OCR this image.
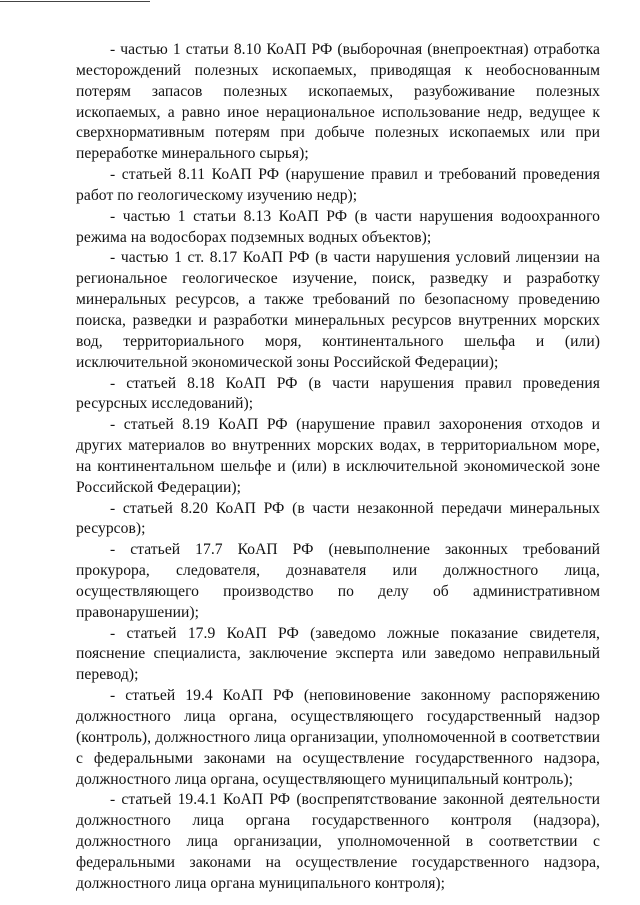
- частью 1 статьи 8.10 КоАП РФ (выборочная (внепроектная) отработка месторождений полезных ископаемых, приводящая к необоснованным потерям запасов полезных ископаемых, разубоживание полезных ископаемых, а равно иное нерациональное использование недр, ведущее к сверхнормативным потерям при добыче полезных ископаемых или при переработке минерального сырья);

- статьей 8.11 КоАП РФ (нарушение правил и требований проведения работ по геологическому изучению недр);

- частью 1 статьи 8.13 КоАП РФ (в части нарушения водоохранного режима на водосборах подземных водных объектов);

- частью 1 ст. 8.17 КоАП РФ (в части нарушения условий лицензии на региональное геологическое изучение, поиск, разведку и разработку минеральных ресурсов, а также требований по безопасному проведению поиска, разведки и разработки минеральных ресурсов внутренних морских вод, территориального моря, континентального шельфа и (или) исключительной экономической зоны Российской Федерации);

- статьей 8.18 КоАП РФ (в части нарушения правил проведения ресурсных исследований);

- статьей 8.19 КоАП РФ (нарушение правил захоронения отходов и других материалов во внутренних морских водах, в территориальном море, на континентальном шельфе и (или) в исключительной экономической зоне Российской Федерации);

- статьей 8.20 КоАП РФ (в части незаконной передачи минеральных ресурсов);

- статьей 17.7 КоАП РФ (невыполнение законных требований прокурора, следователя, дознавателя или должностного лица, осуществляющего производство по делу об административном правонарушении);

- статьей 17.9 КоАП РФ (заведомо ложные показание свидетеля, пояснение специалиста, заключение эксперта или заведомо неправильный перевод);

- статьей 19.4 КоАП РФ (неповиновение законному распоряжению должностного лица органа, осуществляющего государственный надзор (контроль), должностного лица организации, уполномоченной в соответствии с федеральными законами на осуществление государственного надзора, должностного лица органа, осуществляющего муниципальный контроль);

- статьей 19.4.1 КоАП РФ (воспрепятствование законной деятельности должностного лица органа государственного контроля (надзора), должностного лица организации, уполномоченной в соответствии с федеральными законами на осуществление государственного надзора, должностного лица органа муниципального контроля);
